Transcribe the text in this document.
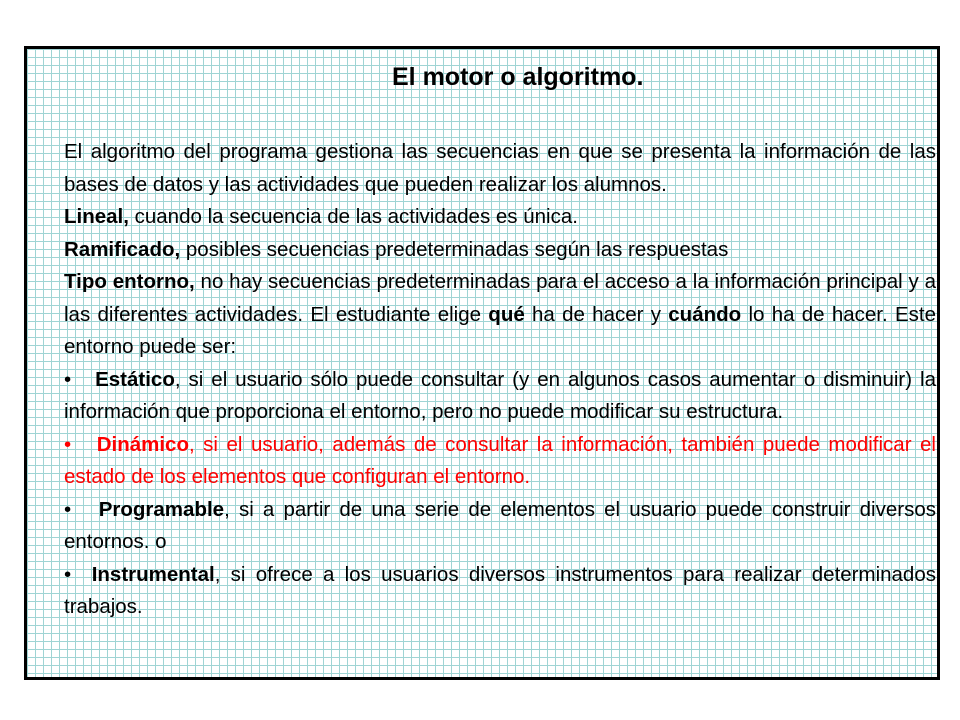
El motor o algoritmo.

El algoritmo del programa gestiona las secuencias en que se presenta la información de las bases de datos y las actividades que pueden realizar los alumnos.

Lineal, cuando la secuencia de las actividades es única.

Ramificado, posibles secuencias predeterminadas según las respuestas

Tipo entorno, no hay secuencias predeterminadas para el acceso a la información principal y a las diferentes actividades. El estudiante elige qué ha de hacer y cuándo lo ha de hacer. Este entorno puede ser:

• Estático, si el usuario sólo puede consultar (y en algunos casos aumentar o disminuir) la información que proporciona el entorno, pero no puede modificar su estructura.

• Dinámico, si el usuario, además de consultar la información, también puede modificar el estado de los elementos que configuran el entorno.

• Programable, si a partir de una serie de elementos el usuario puede construir diversos entornos. o

• Instrumental, si ofrece a los usuarios diversos instrumentos para realizar determinados trabajos.
